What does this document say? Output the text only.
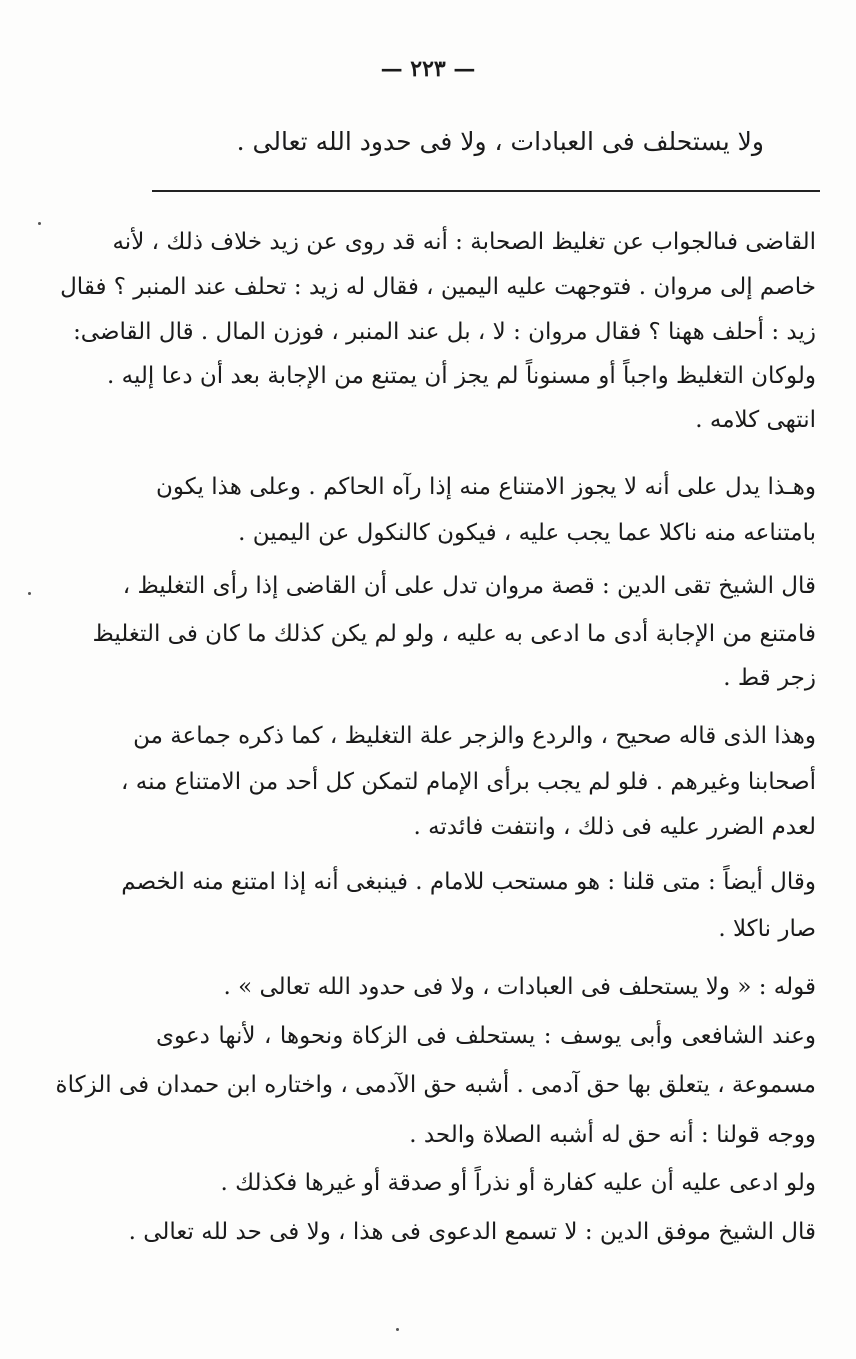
— ٢٢٣ —
ولا يستحلف فى العبادات ، ولا فى حدود الله تعالى .
القاضى فىالجواب عن تغليظ الصحابة : أنه قد روى عن زيد خلاف ذلك ، لأنه
خاصم إلى مروان . فتوجهت عليه اليمين ، فقال له زيد : تحلف عند المنبر ؟ فقال
زيد : أحلف ههنا ؟ فقال مروان : لا ، بل عند المنبر ، فوزن المال . قال القاضى:
ولوكان التغليظ واجباً أو مسنوناً لم يجز أن يمتنع من الإجابة بعد أن دعا إليه .
انتهى كلامه .
وهـذا يدل على أنه لا يجوز الامتناع منه إذا رآه الحاكم . وعلى هذا يكون
بامتناعه منه ناكلا عما يجب عليه ، فيكون كالنكول عن اليمين .
قال الشيخ تقى الدين : قصة مروان تدل على أن القاضى إذا رأى التغليظ ،
فامتنع من الإجابة أدى ما ادعى به عليه ، ولو لم يكن كذلك ما كان فى التغليظ
زجر قط .
وهذا الذى قاله صحيح ، والردع والزجر علة التغليظ ، كما ذكره جماعة من
أصحابنا وغيرهم . فلو لم يجب برأى الإمام لتمكن كل أحد من الامتناع منه ،
لعدم الضرر عليه فى ذلك ، وانتفت فائدته .
وقال أيضاً : متى قلنا : هو مستحب للامام . فينبغى أنه إذا امتنع منه الخصم
صار ناكلا .
قوله : « ولا يستحلف فى العبادات ، ولا فى حدود الله تعالى » .
وعند الشافعى وأبى يوسف : يستحلف فى الزكاة ونحوها ، لأنها دعوى
مسموعة ، يتعلق بها حق آدمى . أشبه حق الآدمى ، واختاره ابن حمدان فى الزكاة
ووجه قولنا : أنه حق له أشبه الصلاة والحد .
ولو ادعى عليه أن عليه كفارة أو نذراً أو صدقة أو غيرها فكذلك .
قال الشيخ موفق الدين : لا تسمع الدعوى فى هذا ، ولا فى حد لله تعالى .
